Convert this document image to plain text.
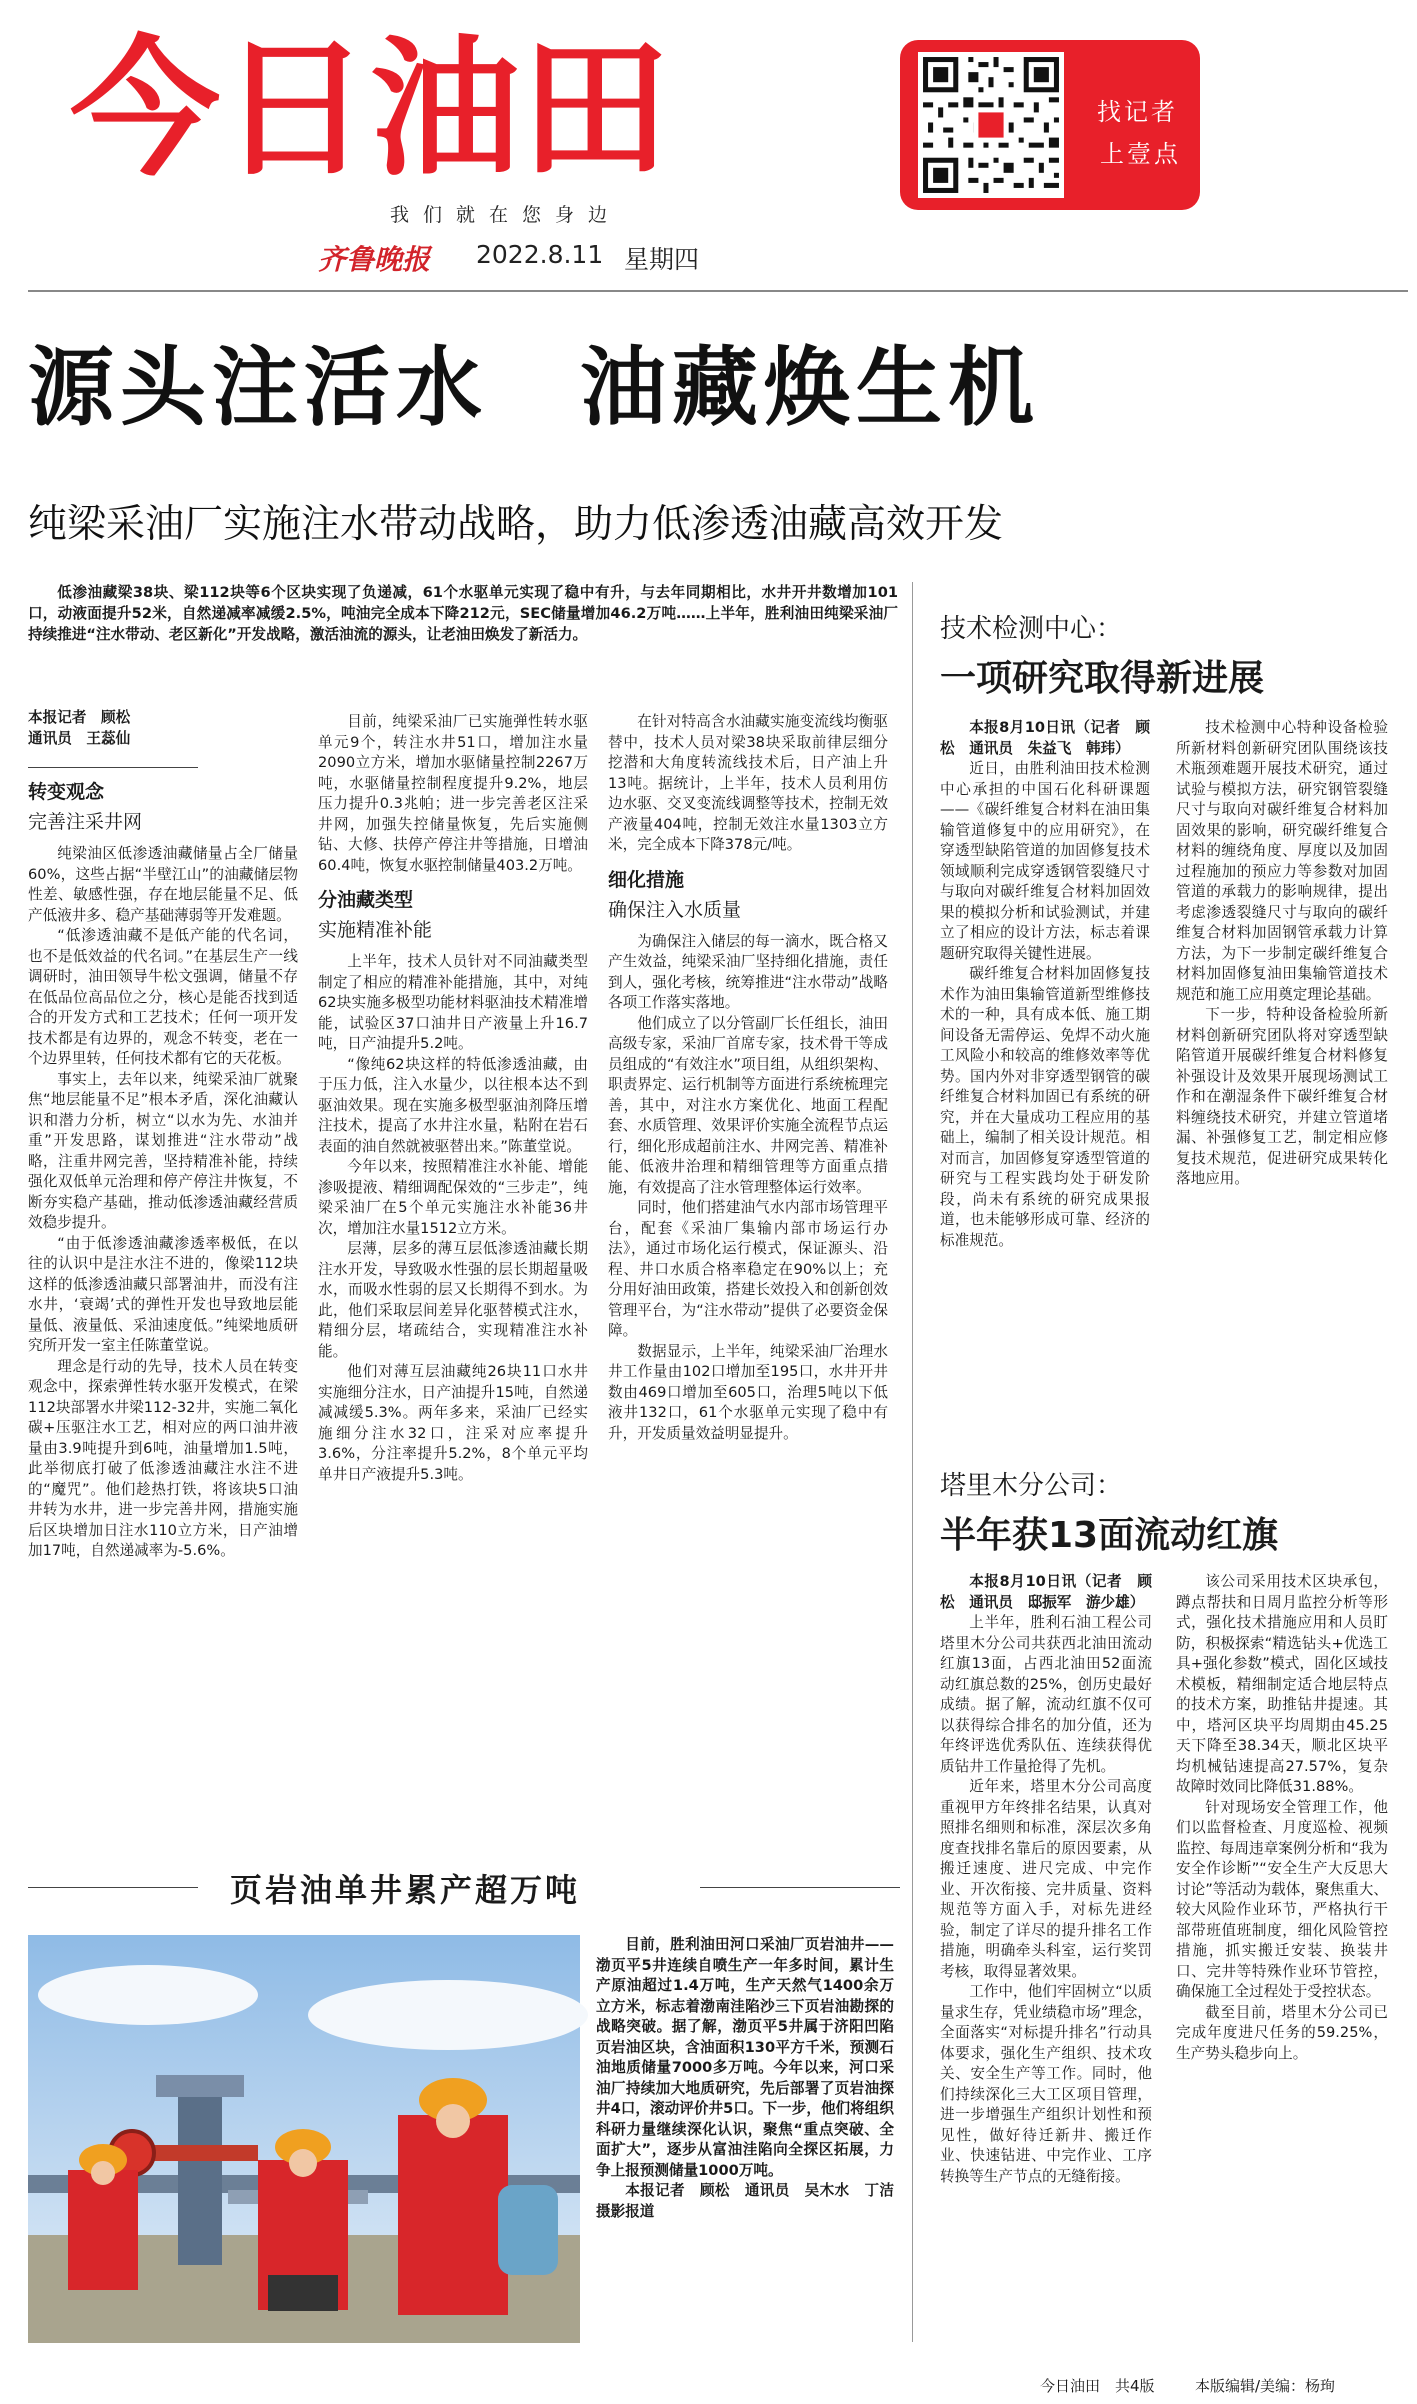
今日油田
我们就在您身边
齐鲁晚报 2022.8.11 星期四
找记者
上壹点
源头注活水　油藏焕生机
纯梁采油厂实施注水带动战略，助力低渗透油藏高效开发
低渗油藏梁38块、梁112块等6个区块实现了负递减，61个水驱单元实现了稳中有升，与去年同期相比，水井开井数增加101口，动液面提升52米，自然递减率减缓2.5%，吨油完全成本下降212元，SEC储量增加46.2万吨……上半年，胜利油田纯梁采油厂持续推进“注水带动、老区新化”开发战略，激活油流的源头，让老油田焕发了新活力。

本报记者　顾松

通讯员　王蕊仙

转变观念
完善注采井网

纯梁油区低渗透油藏储量占全厂储量60%，这些占据“半壁江山”的油藏储层物性差、敏感性强，存在地层能量不足、低产低液井多、稳产基础薄弱等开发难题。

“低渗透油藏不是低产能的代名词，也不是低效益的代名词。”在基层生产一线调研时，油田领导牛松文强调，储量不存在低品位高品位之分，核心是能否找到适合的开发方式和工艺技术；任何一项开发技术都是有边界的，观念不转变，老在一个边界里转，任何技术都有它的天花板。

事实上，去年以来，纯梁采油厂就聚焦“地层能量不足”根本矛盾，深化油藏认识和潜力分析，树立“以水为先、水油并重”开发思路，谋划推进“注水带动”战略，注重井网完善，坚持精准补能，持续强化双低单元治理和停产停注井恢复，不断夯实稳产基础，推动低渗透油藏经营质效稳步提升。

“由于低渗透油藏渗透率极低，在以往的认识中是注水注不进的，像梁112块这样的低渗透油藏只部署油井，而没有注水井，‘衰竭’式的弹性开发也导致地层能量低、液量低、采油速度低。”纯梁地质研究所开发一室主任陈董堂说。

理念是行动的先导，技术人员在转变观念中，探索弹性转水驱开发模式，在梁112块部署水井梁112-32井，实施二氧化碳+压驱注水工艺，相对应的两口油井液量由3.9吨提升到6吨，油量增加1.5吨，此举彻底打破了低渗透油藏注水注不进的“魔咒”。他们趁热打铁，将该块5口油井转为水井，进一步完善井网，措施实施后区块增加日注水110立方米，日产油增加17吨，自然递减率为-5.6%。

目前，纯梁采油厂已实施弹性转水驱单元9个，转注水井51口，增加注水量2090立方米，增加水驱储量控制2267万吨，水驱储量控制程度提升9.2%，地层压力提升0.3兆帕；进一步完善老区注采井网，加强失控储量恢复，先后实施侧钻、大修、扶停产停注井等措施，日增油60.4吨，恢复水驱控制储量403.2万吨。

分油藏类型
实施精准补能

上半年，技术人员针对不同油藏类型制定了相应的精准补能措施，其中，对纯62块实施多极型功能材料驱油技术精准增能，试验区37口油井日产液量上升16.7吨，日产油提升5.2吨。

“像纯62块这样的特低渗透油藏，由于压力低，注入水量少，以往根本达不到驱油效果。现在实施多极型驱油剂降压增注技术，提高了水井注水量，粘附在岩石表面的油自然就被驱替出来。”陈董堂说。

今年以来，按照精准注水补能、增能渗吸提液、精细调配保效的“三步走”，纯梁采油厂在5个单元实施注水补能36井次，增加注水量1512立方米。

层薄，层多的薄互层低渗透油藏长期注水开发，导致吸水性强的层长期超量吸水，而吸水性弱的层又长期得不到水。为此，他们采取层间差异化驱替模式注水，精细分层，堵疏结合，实现精准注水补能。

他们对薄互层油藏纯26块11口水井实施细分注水，日产油提升15吨，自然递减减缓5.3%。两年多来，采油厂已经实施细分注水32口，注采对应率提升3.6%，分注率提升5.2%，8个单元平均单井日产液提升5.3吨。

在针对特高含水油藏实施变流线均衡驱替中，技术人员对梁38块采取前律层细分挖潜和大角度转流线技术后，日产油上升13吨。据统计，上半年，技术人员利用仿边水驱、交叉变流线调整等技术，控制无效产液量404吨，控制无效注水量1303立方米，完全成本下降378元/吨。

细化措施
确保注入水质量

为确保注入储层的每一滴水，既合格又产生效益，纯梁采油厂坚持细化措施，责任到人，强化考核，统筹推进“注水带动”战略各项工作落实落地。

他们成立了以分管副厂长任组长，油田高级专家，采油厂首席专家，技术骨干等成员组成的“有效注水”项目组，从组织架构、职责界定、运行机制等方面进行系统梳理完善，其中，对注水方案优化、地面工程配套、水质管理、效果评价实施全流程节点运行，细化形成超前注水、井网完善、精准补能、低液井治理和精细管理等方面重点措施，有效提高了注水管理整体运行效率。

同时，他们搭建油气水内部市场管理平台，配套《采油厂集输内部市场运行办法》，通过市场化运行模式，保证源头、沿程、井口水质合格率稳定在90%以上；充分用好油田政策，搭建长效投入和创新创效管理平台，为“注水带动”提供了必要资金保障。

数据显示，上半年，纯梁采油厂治理水井工作量由102口增加至195口，水井开井数由469口增加至605口，治理5吨以下低液井132口，61个水驱单元实现了稳中有升，开发质量效益明显提升。

页岩油单井累产超万吨

目前，胜利油田河口采油厂页岩油井——渤页平5井连续自喷生产一年多时间，累计生产原油超过1.4万吨，生产天然气1400余万立方米，标志着渤南洼陷沙三下页岩油勘探的战略突破。据了解，渤页平5井属于济阳凹陷页岩油区块，含油面积130平方千米，预测石油地质储量7000多万吨。今年以来，河口采油厂持续加大地质研究，先后部署了页岩油探井4口，滚动评价井5口。下一步，他们将组织科研力量继续深化认识，聚焦“重点突破、全面扩大”，逐步从富油洼陷向全探区拓展，力争上报预测储量1000万吨。

本报记者　顾松　通讯员　吴木水　丁洁　摄影报道

技术检测中心：
一项研究取得新进展

本报8月10日讯（记者　顾松　通讯员　朱益飞　韩玮）

近日，由胜利油田技术检测中心承担的中国石化科研课题——《碳纤维复合材料在油田集输管道修复中的应用研究》，在穿透型缺陷管道的加固修复技术领域顺利完成穿透钢管裂缝尺寸与取向对碳纤维复合材料加固效果的模拟分析和试验测试，并建立了相应的设计方法，标志着课题研究取得关键性进展。

碳纤维复合材料加固修复技术作为油田集输管道新型维修技术的一种，具有成本低、施工期间设备无需停运、免焊不动火施工风险小和较高的维修效率等优势。国内外对非穿透型钢管的碳纤维复合材料加固已有系统的研究，并在大量成功工程应用的基础上，编制了相关设计规范。相对而言，加固修复穿透型管道的研究与工程实践均处于研发阶段，尚未有系统的研究成果报道，也未能够形成可靠、经济的标准规范。

技术检测中心特种设备检验所新材料创新研究团队围绕该技术瓶颈难题开展技术研究，通过试验与模拟方法，研究钢管裂缝尺寸与取向对碳纤维复合材料加固效果的影响，研究碳纤维复合材料的缠绕角度、厚度以及加固过程施加的预应力等参数对加固管道的承载力的影响规律，提出考虑渗透裂缝尺寸与取向的碳纤维复合材料加固钢管承载力计算方法，为下一步制定碳纤维复合材料加固修复油田集输管道技术规范和施工应用奠定理论基础。

下一步，特种设备检验所新材料创新研究团队将对穿透型缺陷管道开展碳纤维复合材料修复补强设计及效果开展现场测试工作和在潮湿条件下碳纤维复合材料缠绕技术研究，并建立管道堵漏、补强修复工艺，制定相应修复技术规范，促进研究成果转化落地应用。

塔里木分公司：
半年获13面流动红旗

本报8月10日讯（记者　顾松　通讯员　邸振军　游少雄）

上半年，胜利石油工程公司塔里木分公司共获西北油田流动红旗13面，占西北油田52面流动红旗总数的25%，创历史最好成绩。据了解，流动红旗不仅可以获得综合排名的加分值，还为年终评选优秀队伍、连续获得优质钻井工作量抢得了先机。

近年来，塔里木分公司高度重视甲方年终排名结果，认真对照排名细则和标准，深层次多角度查找排名靠后的原因要素，从搬迁速度、进尺完成、中完作业、开次衔接、完井质量、资料规范等方面入手，对标先进经验，制定了详尽的提升排名工作措施，明确牵头科室，运行奖罚考核，取得显著效果。

工作中，他们牢固树立“以质量求生存，凭业绩稳市场”理念，全面落实“对标提升排名”行动具体要求，强化生产组织、技术攻关、安全生产等工作。同时，他们持续深化三大工区项目管理，进一步增强生产组织计划性和预见性，做好待迁新井、搬迁作业、快速钻进、中完作业、工序转换等生产节点的无缝衔接。

该公司采用技术区块承包，蹲点帮扶和日周月监控分析等形式，强化技术措施应用和人员盯防，积极探索“精选钻头+优选工具+强化参数”模式，固化区域技术模板，精细制定适合地层特点的技术方案，助推钻井提速。其中，塔河区块平均周期由45.25天下降至38.34天，顺北区块平均机械钻速提高27.57%，复杂故障时效同比降低31.88%。

针对现场安全管理工作，他们以监督检查、月度巡检、视频监控、每周违章案例分析和“我为安全作诊断”“安全生产大反思大讨论”等活动为载体，聚焦重大、较大风险作业环节，严格执行干部带班值班制度，细化风险管控措施，抓实搬迁安装、换装井口、完井等特殊作业环节管控，确保施工全过程处于受控状态。

截至目前，塔里木分公司已完成年度进尺任务的59.25%，生产势头稳步向上。

今日油田　共4版	本版编辑/美编：杨珣
